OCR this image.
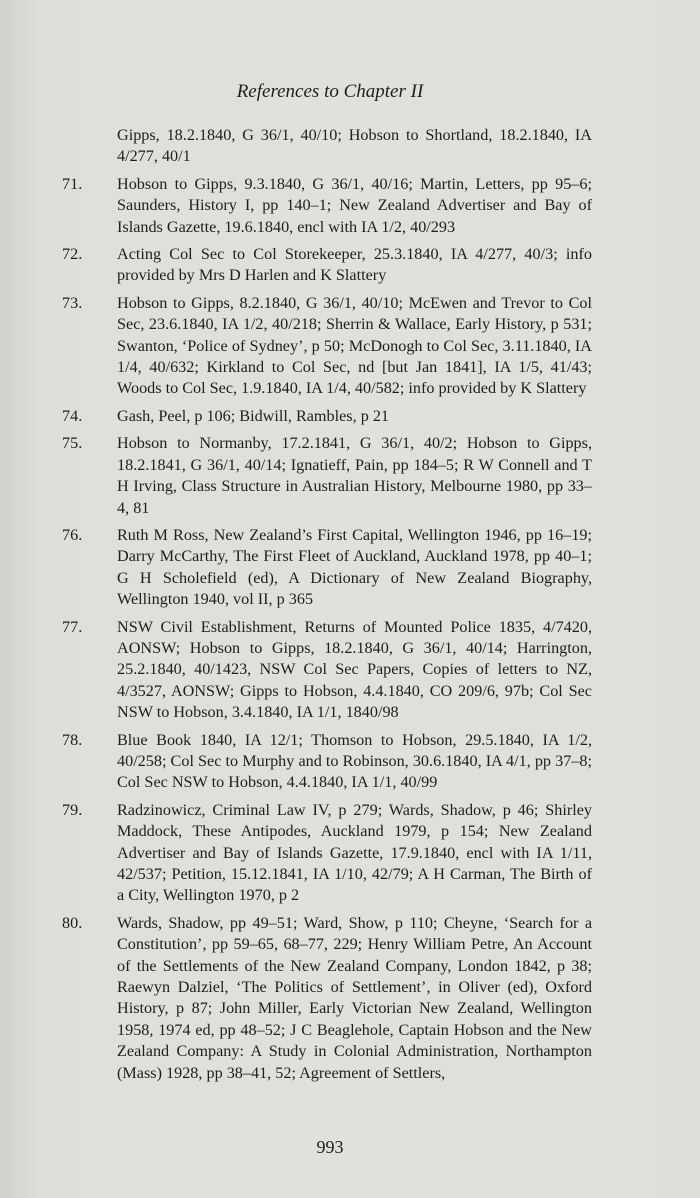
References to Chapter II
Gipps, 18.2.1840, G 36/1, 40/10; Hobson to Shortland, 18.2.1840, IA 4/277, 40/1
71. Hobson to Gipps, 9.3.1840, G 36/1, 40/16; Martin, Letters, pp 95–6; Saunders, History I, pp 140–1; New Zealand Advertiser and Bay of Islands Gazette, 19.6.1840, encl with IA 1/2, 40/293
72. Acting Col Sec to Col Storekeeper, 25.3.1840, IA 4/277, 40/3; info provided by Mrs D Harlen and K Slattery
73. Hobson to Gipps, 8.2.1840, G 36/1, 40/10; McEwen and Trevor to Col Sec, 23.6.1840, IA 1/2, 40/218; Sherrin & Wallace, Early History, p 531; Swanton, ‘Police of Sydney’, p 50; McDonogh to Col Sec, 3.11.1840, IA 1/4, 40/632; Kirkland to Col Sec, nd [but Jan 1841], IA 1/5, 41/43; Woods to Col Sec, 1.9.1840, IA 1/4, 40/582; info provided by K Slattery
74. Gash, Peel, p 106; Bidwill, Rambles, p 21
75. Hobson to Normanby, 17.2.1841, G 36/1, 40/2; Hobson to Gipps, 18.2.1841, G 36/1, 40/14; Ignatieff, Pain, pp 184–5; R W Connell and T H Irving, Class Structure in Australian History, Melbourne 1980, pp 33–4, 81
76. Ruth M Ross, New Zealand’s First Capital, Wellington 1946, pp 16–19; Darry McCarthy, The First Fleet of Auckland, Auckland 1978, pp 40–1; G H Scholefield (ed), A Dictionary of New Zealand Biography, Wellington 1940, vol II, p 365
77. NSW Civil Establishment, Returns of Mounted Police 1835, 4/7420, AONSW; Hobson to Gipps, 18.2.1840, G 36/1, 40/14; Harrington, 25.2.1840, 40/1423, NSW Col Sec Papers, Copies of letters to NZ, 4/3527, AONSW; Gipps to Hobson, 4.4.1840, CO 209/6, 97b; Col Sec NSW to Hobson, 3.4.1840, IA 1/1, 1840/98
78. Blue Book 1840, IA 12/1; Thomson to Hobson, 29.5.1840, IA 1/2, 40/258; Col Sec to Murphy and to Robinson, 30.6.1840, IA 4/1, pp 37–8; Col Sec NSW to Hobson, 4.4.1840, IA 1/1, 40/99
79. Radzinowicz, Criminal Law IV, p 279; Wards, Shadow, p 46; Shirley Maddock, These Antipodes, Auckland 1979, p 154; New Zealand Advertiser and Bay of Islands Gazette, 17.9.1840, encl with IA 1/11, 42/537; Petition, 15.12.1841, IA 1/10, 42/79; A H Carman, The Birth of a City, Wellington 1970, p 2
80. Wards, Shadow, pp 49–51; Ward, Show, p 110; Cheyne, ‘Search for a Constitution’, pp 59–65, 68–77, 229; Henry William Petre, An Account of the Settlements of the New Zealand Company, London 1842, p 38; Raewyn Dalziel, ‘The Politics of Settlement’, in Oliver (ed), Oxford History, p 87; John Miller, Early Victorian New Zealand, Wellington 1958, 1974 ed, pp 48–52; J C Beaglehole, Captain Hobson and the New Zealand Company: A Study in Colonial Administration, Northampton (Mass) 1928, pp 38–41, 52; Agreement of Settlers,
993
